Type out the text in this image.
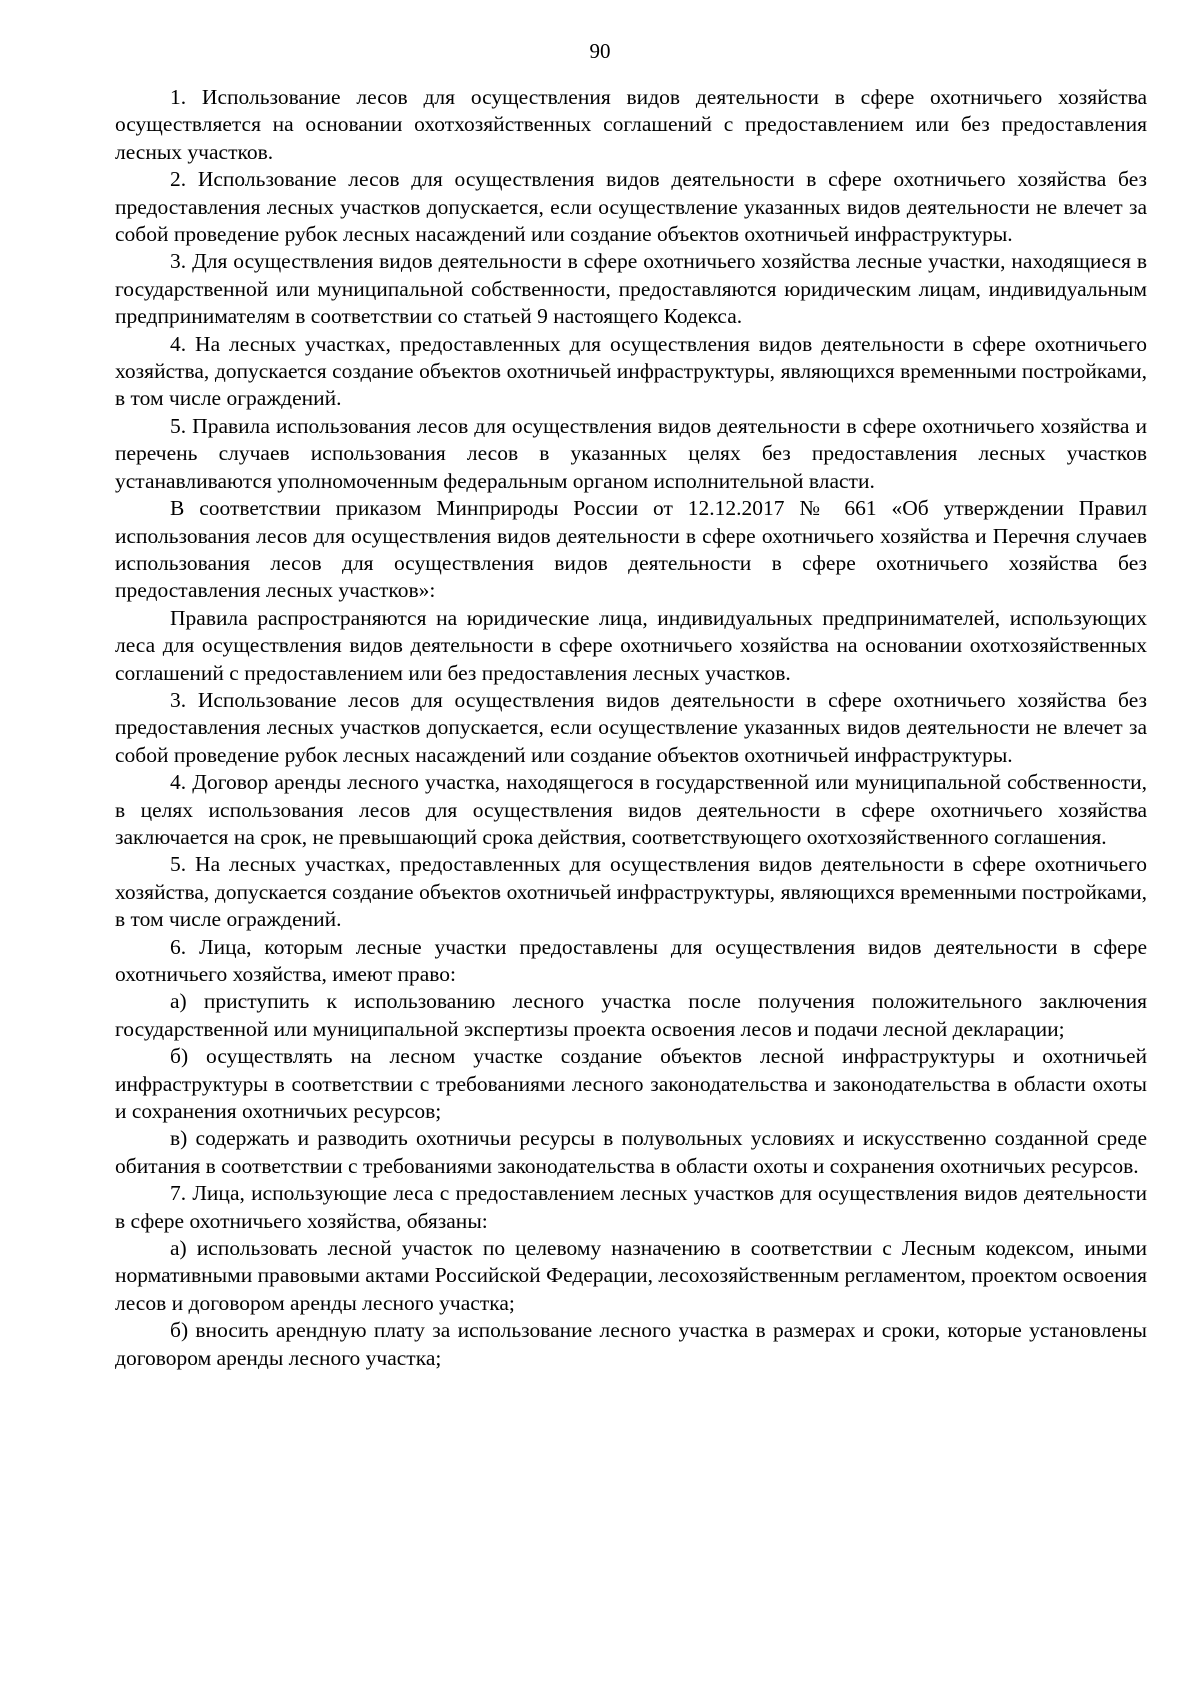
90

1. Использование лесов для осуществления видов деятельности в сфере охотничьего хозяйства осуществляется на основании охотхозяйственных соглашений с предоставлением или без предоставления лесных участков.

2. Использование лесов для осуществления видов деятельности в сфере охотничьего хозяйства без предоставления лесных участков допускается, если осуществление указанных видов деятельности не влечет за собой проведение рубок лесных насаждений или создание объектов охотничьей инфраструктуры.

3. Для осуществления видов деятельности в сфере охотничьего хозяйства лесные участки, находящиеся в государственной или муниципальной собственности, предоставляются юридическим лицам, индивидуальным предпринимателям в соответствии со статьей 9 настоящего Кодекса.

4. На лесных участках, предоставленных для осуществления видов деятельности в сфере охотничьего хозяйства, допускается создание объектов охотничьей инфраструктуры, являющихся временными постройками, в том числе ограждений.

5. Правила использования лесов для осуществления видов деятельности в сфере охотничьего хозяйства и перечень случаев использования лесов в указанных целях без предоставления лесных участков устанавливаются уполномоченным федеральным органом исполнительной власти.

В соответствии приказом Минприроды России от 12.12.2017 № 661 «Об утверждении Правил использования лесов для осуществления видов деятельности в сфере охотничьего хозяйства и Перечня случаев использования лесов для осуществления видов деятельности в сфере охотничьего хозяйства без предоставления лесных участков»:

Правила распространяются на юридические лица, индивидуальных предпринимателей, использующих леса для осуществления видов деятельности в сфере охотничьего хозяйства на основании охотхозяйственных соглашений с предоставлением или без предоставления лесных участков.

3. Использование лесов для осуществления видов деятельности в сфере охотничьего хозяйства без предоставления лесных участков допускается, если осуществление указанных видов деятельности не влечет за собой проведение рубок лесных насаждений или создание объектов охотничьей инфраструктуры.

4. Договор аренды лесного участка, находящегося в государственной или муниципальной собственности, в целях использования лесов для осуществления видов деятельности в сфере охотничьего хозяйства заключается на срок, не превышающий срока действия, соответствующего охотхозяйственного соглашения.

5. На лесных участках, предоставленных для осуществления видов деятельности в сфере охотничьего хозяйства, допускается создание объектов охотничьей инфраструктуры, являющихся временными постройками, в том числе ограждений.

6. Лица, которым лесные участки предоставлены для осуществления видов деятельности в сфере охотничьего хозяйства, имеют право:

а) приступить к использованию лесного участка после получения положительного заключения государственной или муниципальной экспертизы проекта освоения лесов и подачи лесной декларации;

б) осуществлять на лесном участке создание объектов лесной инфраструктуры и охотничьей инфраструктуры в соответствии с требованиями лесного законодательства и законодательства в области охоты и сохранения охотничьих ресурсов;

в) содержать и разводить охотничьи ресурсы в полувольных условиях и искусственно созданной среде обитания в соответствии с требованиями законодательства в области охоты и сохранения охотничьих ресурсов.

7. Лица, использующие леса с предоставлением лесных участков для осуществления видов деятельности в сфере охотничьего хозяйства, обязаны:

а) использовать лесной участок по целевому назначению в соответствии с Лесным кодексом, иными нормативными правовыми актами Российской Федерации, лесохозяйственным регламентом, проектом освоения лесов и договором аренды лесного участка;

б) вносить арендную плату за использование лесного участка в размерах и сроки, которые установлены договором аренды лесного участка;
